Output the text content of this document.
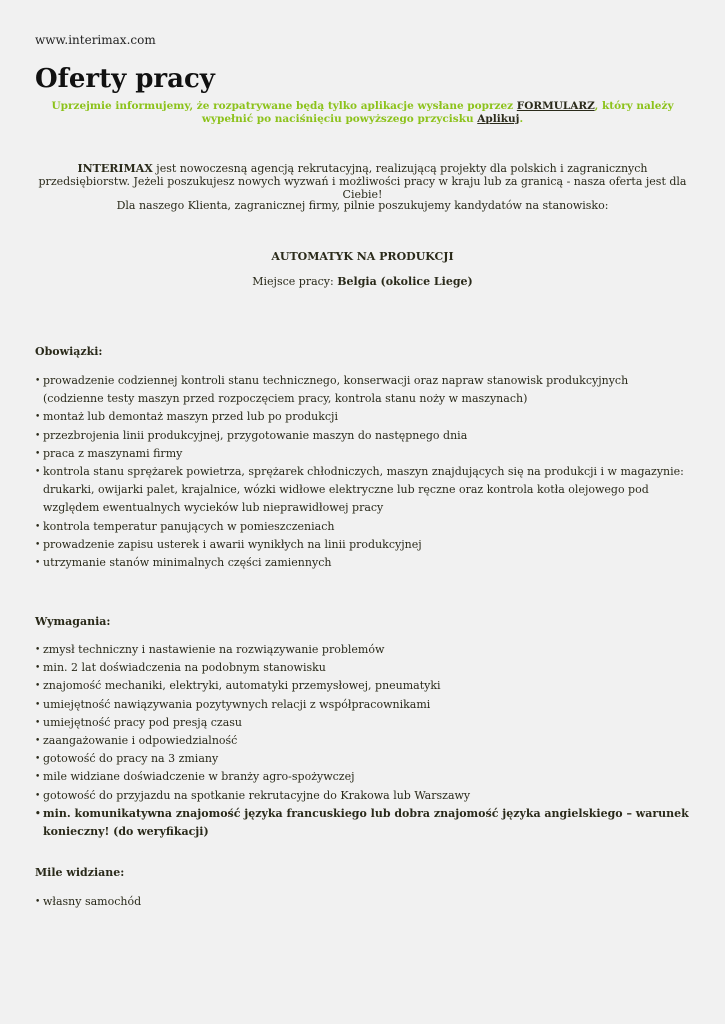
www.interimax.com
Oferty pracy
Uprzejmie informujemy, że rozpatrywane będą tylko aplikacje wysłane poprzez FORMULARZ, który należy wypełnić po naciśnięciu powyższego przycisku Aplikuj.
INTERIMAX jest nowoczesną agencją rekrutacyjną, realizującą projekty dla polskich i zagranicznych przedsiębiorstw. Jeżeli poszukujesz nowych wyzwań i możliwości pracy w kraju lub za granicą - nasza oferta jest dla Ciebie!
Dla naszego Klienta, zagranicznej firmy, pilnie poszukujemy kandydatów na stanowisko:
AUTOMATYK NA PRODUKCJI
Miejsce pracy: Belgia (okolice Liege)
Obowiązki:
• prowadzenie codziennej kontroli stanu technicznego, konserwacji oraz napraw stanowisk produkcyjnych (codzienne testy maszyn przed rozpoczęciem pracy, kontrola stanu noży w maszynach)
• montaż lub demontaż maszyn przed lub po produkcji
• przezbrojenia linii produkcyjnej, przygotowanie maszyn do następnego dnia
• praca z maszynami firmy
• kontrola stanu sprężarek powietrza, sprężarek chłodniczych, maszyn znajdujących się na produkcji i w magazynie: drukarki, owijarki palet, krajalnice, wózki widłowe elektryczne lub ręczne oraz kontrola kotła olejowego pod względem ewentualnych wycieków lub nieprawidłowej pracy
• kontrola temperatur panujących w pomieszczeniach
• prowadzenie zapisu usterek i awarii wynikłych na linii produkcyjnej
• utrzymanie stanów minimalnych części zamiennych
Wymagania:
• zmysł techniczny i nastawienie na rozwiązywanie problemów
• min. 2 lat doświadczenia na podobnym stanowisku
• znajomość mechaniki, elektryki, automatyki przemysłowej, pneumatyki
• umiejętność nawiązywania pozytywnych relacji z współpracownikami
• umiejętność pracy pod presją czasu
• zaangażowanie i odpowiedzialność
• gotowość do pracy na 3 zmiany
• mile widziane doświadczenie w branży agro-spożywczej
• gotowość do przyjazdu na spotkanie rekrutacyjne do Krakowa lub Warszawy
• min. komunikatywna znajomość języka francuskiego lub dobra znajomość języka angielskiego – warunek konieczny! (do weryfikacji)
Mile widziane:
• własny samochód
